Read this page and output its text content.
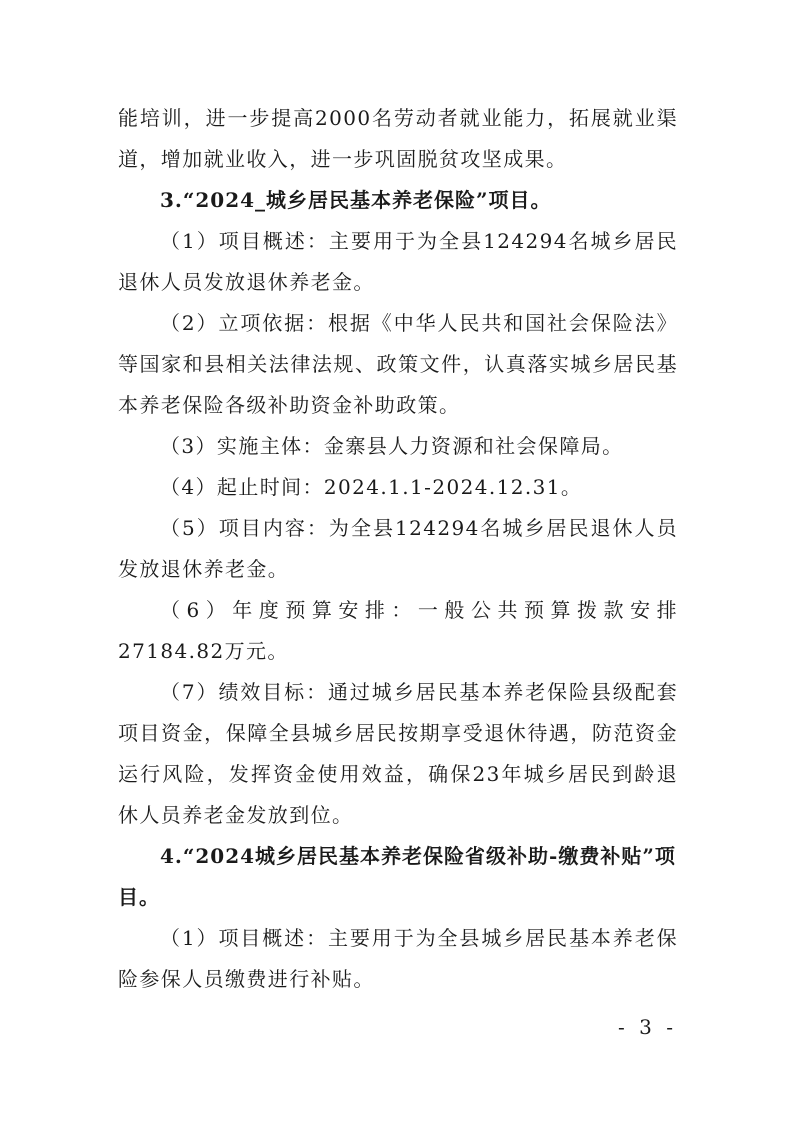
能培训，进一步提高2000名劳动者就业能力，拓展就业渠道，增加就业收入，进一步巩固脱贫攻坚成果。

3.“2024_城乡居民基本养老保险”项目。

（1）项目概述：主要用于为全县124294名城乡居民退休人员发放退休养老金。

（2）立项依据：根据《中华人民共和国社会保险法》等国家和县相关法律法规、政策文件，认真落实城乡居民基本养老保险各级补助资金补助政策。

（3）实施主体：金寨县人力资源和社会保障局。

（4）起止时间：2024.1.1-2024.12.31。

（5）项目内容：为全县124294名城乡居民退休人员发放退休养老金。

（6）年度预算安排：一般公共预算拨款安排27184.82万元。

（7）绩效目标：通过城乡居民基本养老保险县级配套项目资金，保障全县城乡居民按期享受退休待遇，防范资金运行风险，发挥资金使用效益，确保23年城乡居民到龄退休人员养老金发放到位。

4.“2024城乡居民基本养老保险省级补助-缴费补贴”项目。

（1）项目概述：主要用于为全县城乡居民基本养老保险参保人员缴费进行补贴。

- 3 -
